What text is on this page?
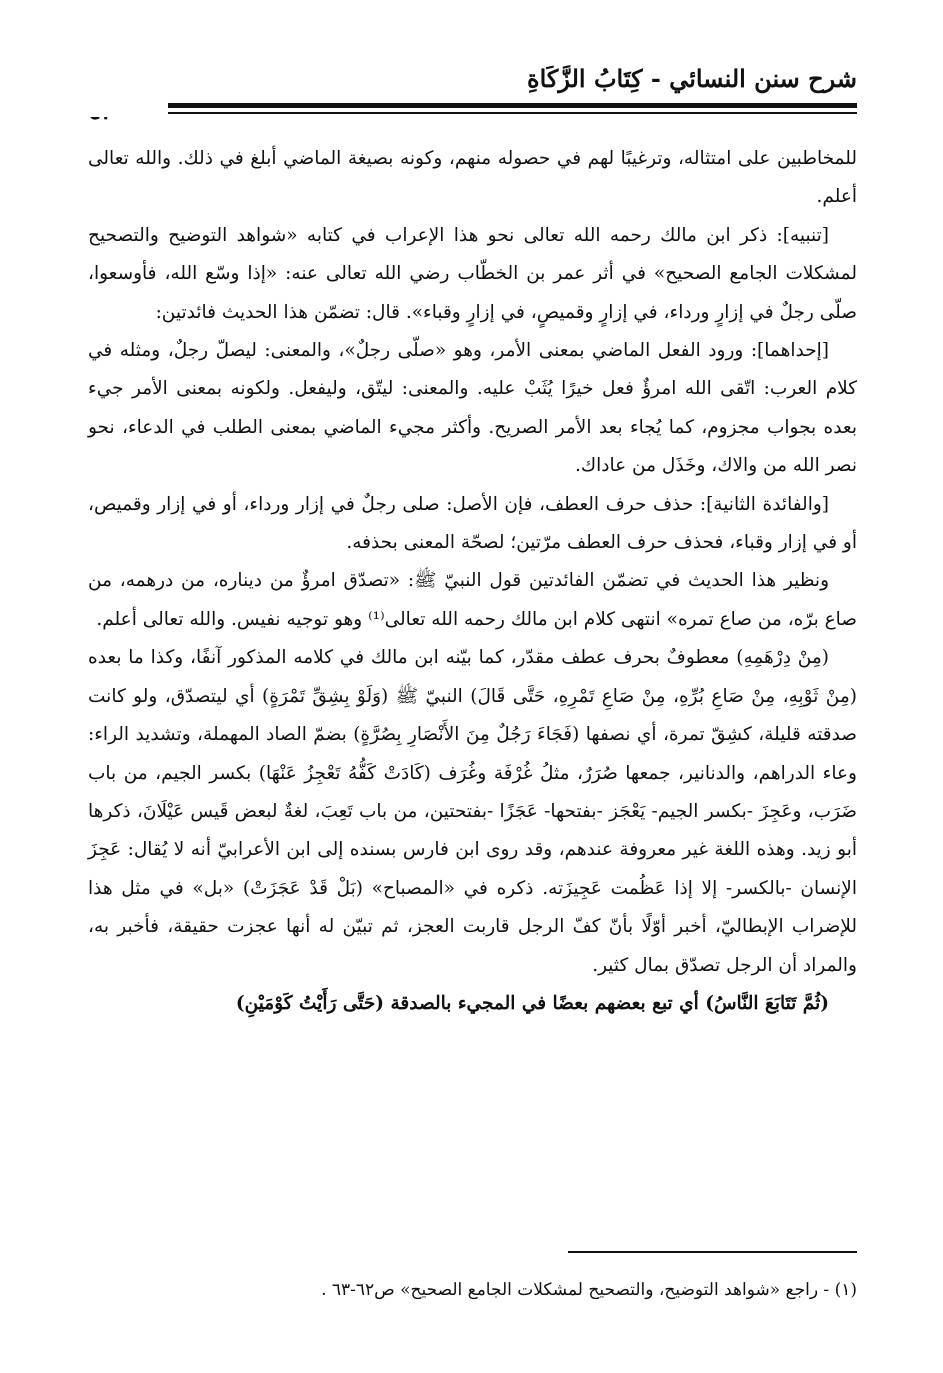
شرح سنن النسائي - كِتَابُ الزَّكَاةِ

للمخاطبين على امتثاله، وترغيبًا لهم في حصوله منهم، وكونه بصيغة الماضي أبلغ في ذلك. والله تعالى أعلم.

[تنبيه]: ذكر ابن مالك رحمه الله تعالى نحو هذا الإعراب في كتابه «شواهد التوضيح والتصحيح لمشكلات الجامع الصحيح» في أثر عمر بن الخطّاب رضي الله تعالى عنه: «إذا وسّع الله، فأوسعوا، صلّى رجلٌ في إزارٍ ورداء، في إزارٍ وقميصٍ، في إزارٍ وقباء». قال: تضمّن هذا الحديث فائدتين:

[إحداهما]: ورود الفعل الماضي بمعنى الأمر، وهو «صلّى رجلٌ»، والمعنى: ليصلّ رجلٌ، ومثله في كلام العرب: اتّقى الله امرؤٌ فعل خيرًا يُثَبْ عليه. والمعنى: ليتّق، وليفعل. ولكونه بمعنى الأمر جيء بعده بجواب مجزوم، كما يُجاء بعد الأمر الصريح. وأكثر مجيء الماضي بمعنى الطلب في الدعاء، نحو نصر الله من والاك، وخَذَل من عاداك.

[والفائدة الثانية]: حذف حرف العطف، فإن الأصل: صلى رجلٌ في إزار ورداء، أو في إزار وقميص، أو في إزار وقباء، فحذف حرف العطف مرّتين؛ لصحّة المعنى بحذفه.

ونظير هذا الحديث في تضمّن الفائدتين قول النبيّ ﷺ: «تصدّق امرؤٌ من ديناره، من درهمه، من صاع برّه، من صاع تمره» انتهى كلام ابن مالك رحمه الله تعالى⁽¹⁾ وهو توجيه نفيس. والله تعالى أعلم.

(مِنْ دِرْهَمِهِ) معطوفٌ بحرف عطف مقدّر، كما بيّنه ابن مالك في كلامه المذكور آنفًا، وكذا ما بعده (مِنْ ثَوْبِهِ، مِنْ صَاعِ بُرِّهِ، مِنْ صَاعِ تَمْرِهِ، حَتَّى قَالَ) النبيّ ﷺ (وَلَوْ بِشِقِّ تَمْرَةٍ) أي ليتصدّق، ولو كانت صدقته قليلة، كشِقّ تمرة، أي نصفها (فَجَاءَ رَجُلٌ مِنَ الأَنْصَارِ بِصُرَّةٍ) بضمّ الصاد المهملة، وتشديد الراء: وعاء الدراهم، والدنانير، جمعها صُرَرٌ، مثلُ غُرْفَة وغُرَف (كَادَتْ كَفُّهُ تَعْجِزُ عَنْهَا) بكسر الجيم، من باب ضَرَب، وعَجِزَ -بكسر الجيم- يَعْجَز -بفتحها- عَجَزًا -بفتحتين، من باب تَعِبَ، لغةٌ لبعض قَيس عَيْلَانَ، ذكرها أبو زيد. وهذه اللغة غير معروفة عندهم، وقد روى ابن فارس بسنده إلى ابن الأعرابيّ أنه لا يُقال: عَجِزَ الإنسان -بالكسر- إلا إذا عَظُمت عَجِيزَته. ذكره في «المصباح» (بَلْ قَدْ عَجَزَتْ) «بل» في مثل هذا للإضراب الإبطاليّ، أخبر أوّلًا بأنّ كفّ الرجل قاربت العجز، ثم تبيّن له أنها عجزت حقيقة، فأخبر به، والمراد أن الرجل تصدّق بمال كثير.

(ثُمَّ تَتَابَعَ النَّاسُ) أي تبع بعضهم بعضًا في المجيء بالصدقة (حَتَّى رَأَيْتُ كَوْمَيْنِ)

(١) - راجع «شواهد التوضيح، والتصحيح لمشكلات الجامع الصحيح» ص٦٢-٦٣ .
